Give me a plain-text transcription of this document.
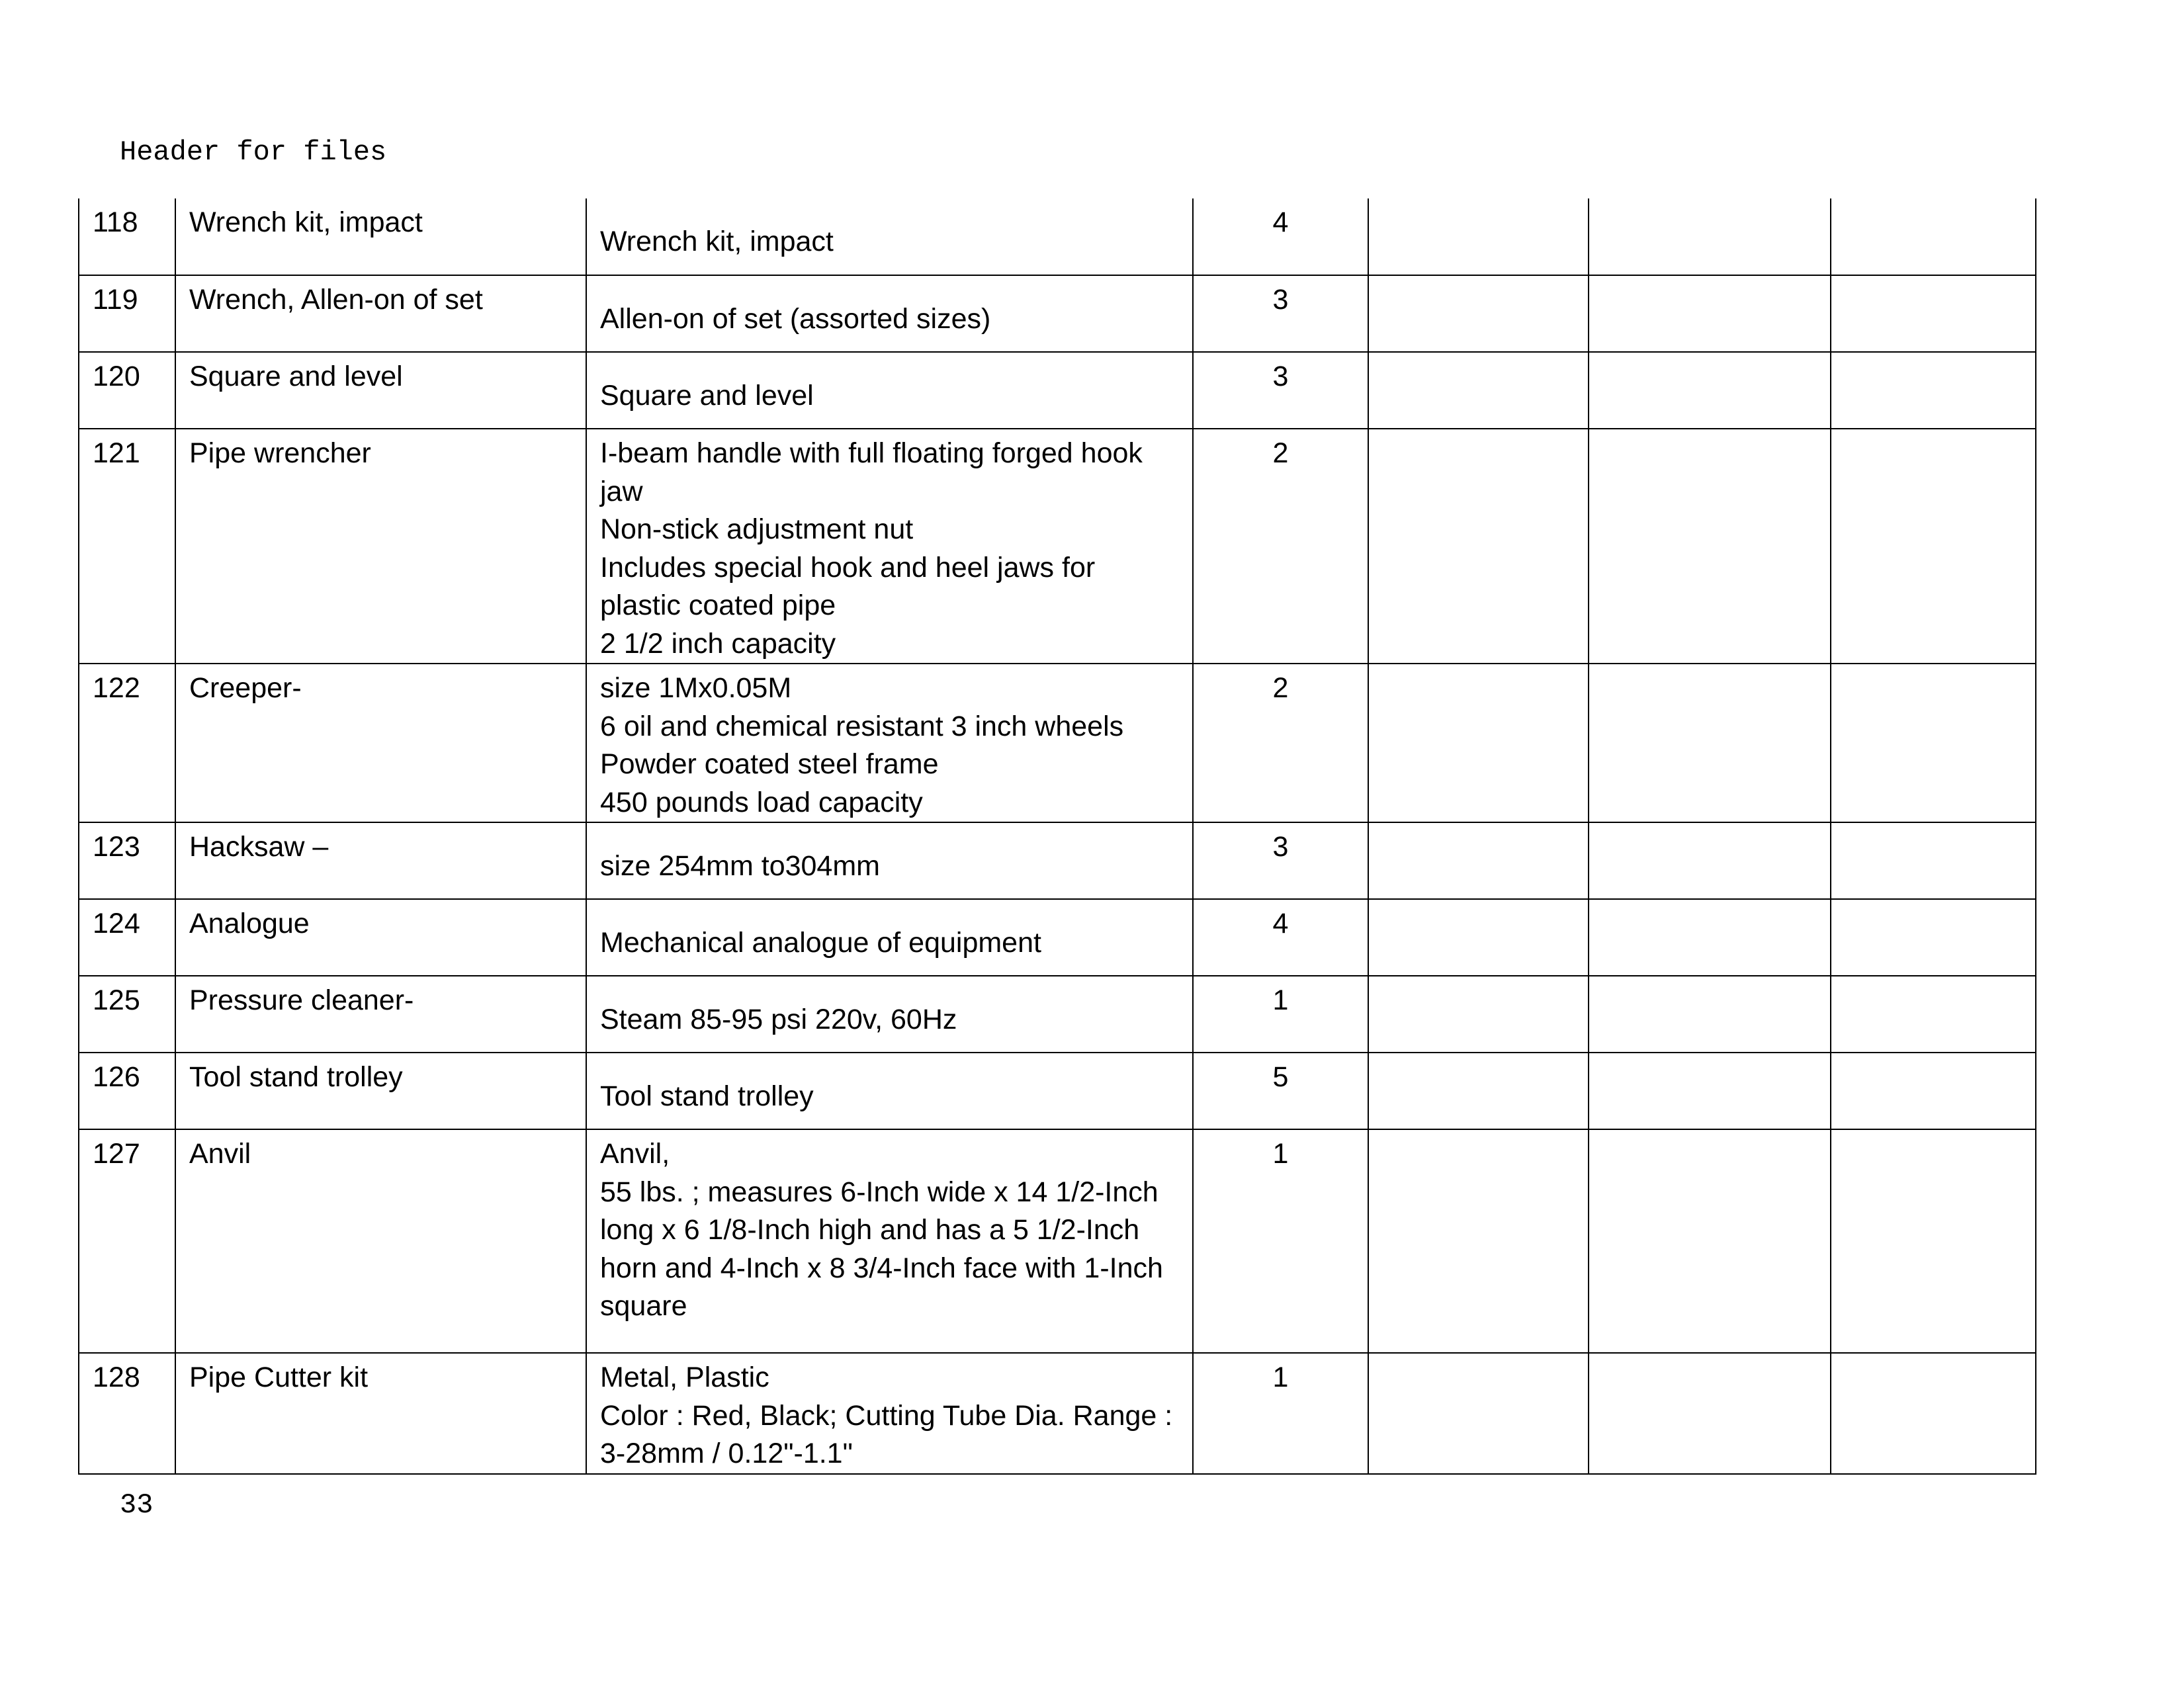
Header for files
118	Wrench kit, impact	Wrench kit, impact	4			
119	Wrench, Allen-on of set	Allen-on of set (assorted sizes)	3			
120	Square and level	Square and level	3			
121	Pipe wrencher	I-beam handle with full floating forged hook jaw
Non-stick adjustment nut
Includes special hook and heel jaws for plastic coated pipe
2 1/2 inch capacity	2			
122	Creeper-	size 1Mx0.05M
6 oil and chemical resistant 3 inch wheels
Powder coated steel frame
450 pounds load capacity	2			
123	Hacksaw –	size 254mm to304mm	3			
124	Analogue	Mechanical analogue of equipment	4			
125	Pressure cleaner-	Steam 85-95 psi 220v, 60Hz	1			
126	Tool stand trolley	Tool stand trolley	5			
127	Anvil	Anvil,
55 lbs. ; measures 6-Inch wide x 14 1/2-Inch long x 6 1/8-Inch high and has a 5 1/2-Inch horn and 4-Inch x 8 3/4-Inch face with 1-Inch square	1			
128	Pipe Cutter kit	Metal, Plastic
Color : Red, Black; Cutting Tube Dia. Range : 3-28mm / 0.12"-1.1"	1			
33
